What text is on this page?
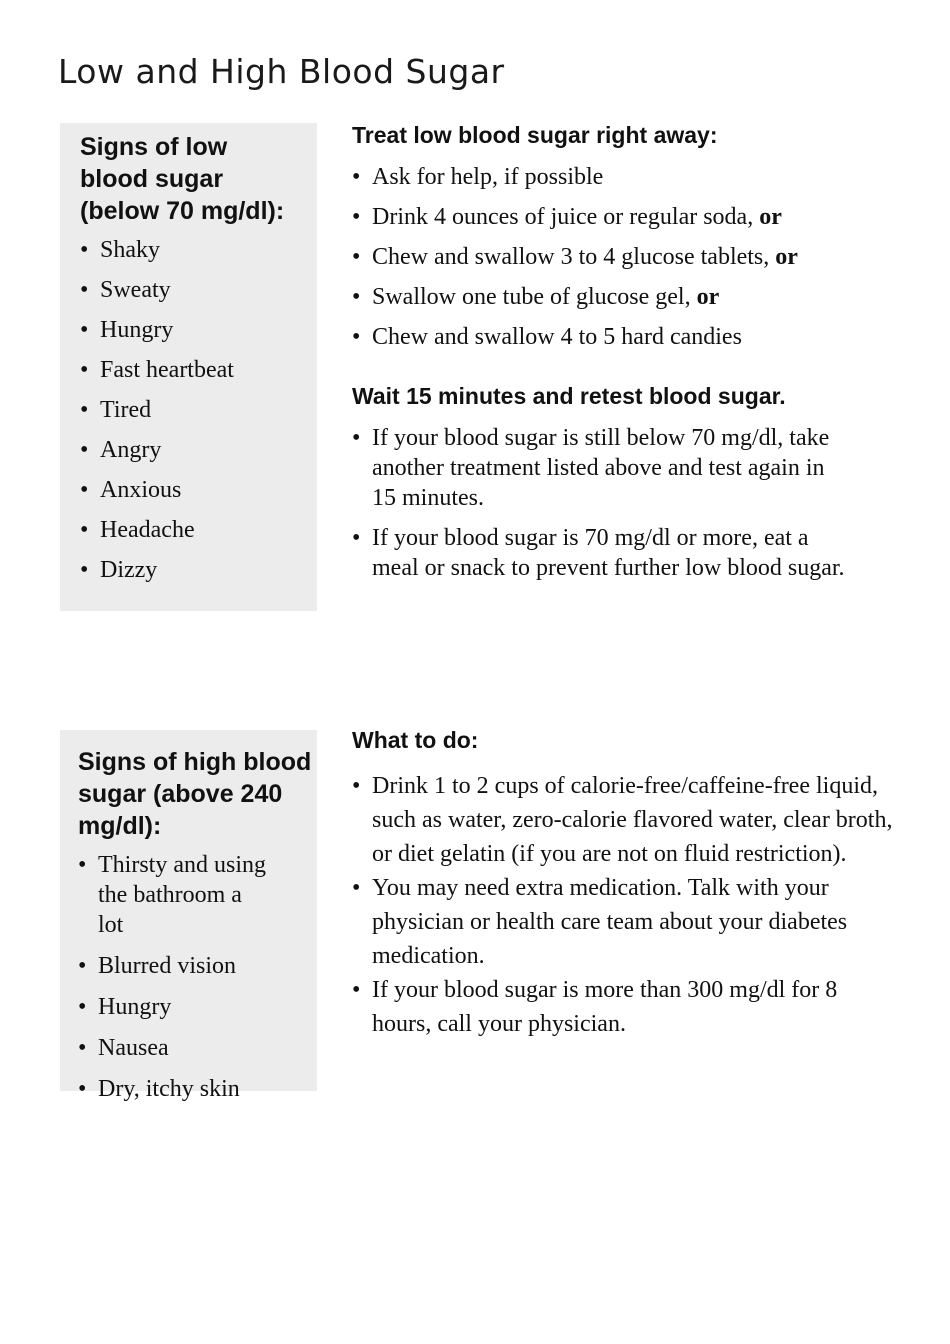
Low and High Blood Sugar
Signs of low blood sugar (below 70 mg/dl):
• Shaky
• Sweaty
• Hungry
• Fast heartbeat
• Tired
• Angry
• Anxious
• Headache
• Dizzy
Treat low blood sugar right away:
• Ask for help, if possible
• Drink 4 ounces of juice or regular soda, or
• Chew and swallow 3 to 4 glucose tablets, or
• Swallow one tube of glucose gel, or
• Chew and swallow 4 to 5 hard candies
Wait 15 minutes and retest blood sugar.
• If your blood sugar is still below 70 mg/dl, take another treatment listed above and test again in 15 minutes.
• If your blood sugar is 70 mg/dl or more, eat a meal or snack to prevent further low blood sugar.
Signs of high blood sugar (above 240 mg/dl):
• Thirsty and using the bathroom a lot
• Blurred vision
• Hungry
• Nausea
• Dry, itchy skin
What to do:
• Drink 1 to 2 cups of calorie-free/caffeine-free liquid, such as water, zero-calorie flavored water, clear broth, or diet gelatin (if you are not on fluid restriction).
• You may need extra medication. Talk with your physician or health care team about your diabetes medication.
• If your blood sugar is more than 300 mg/dl for 8 hours, call your physician.
